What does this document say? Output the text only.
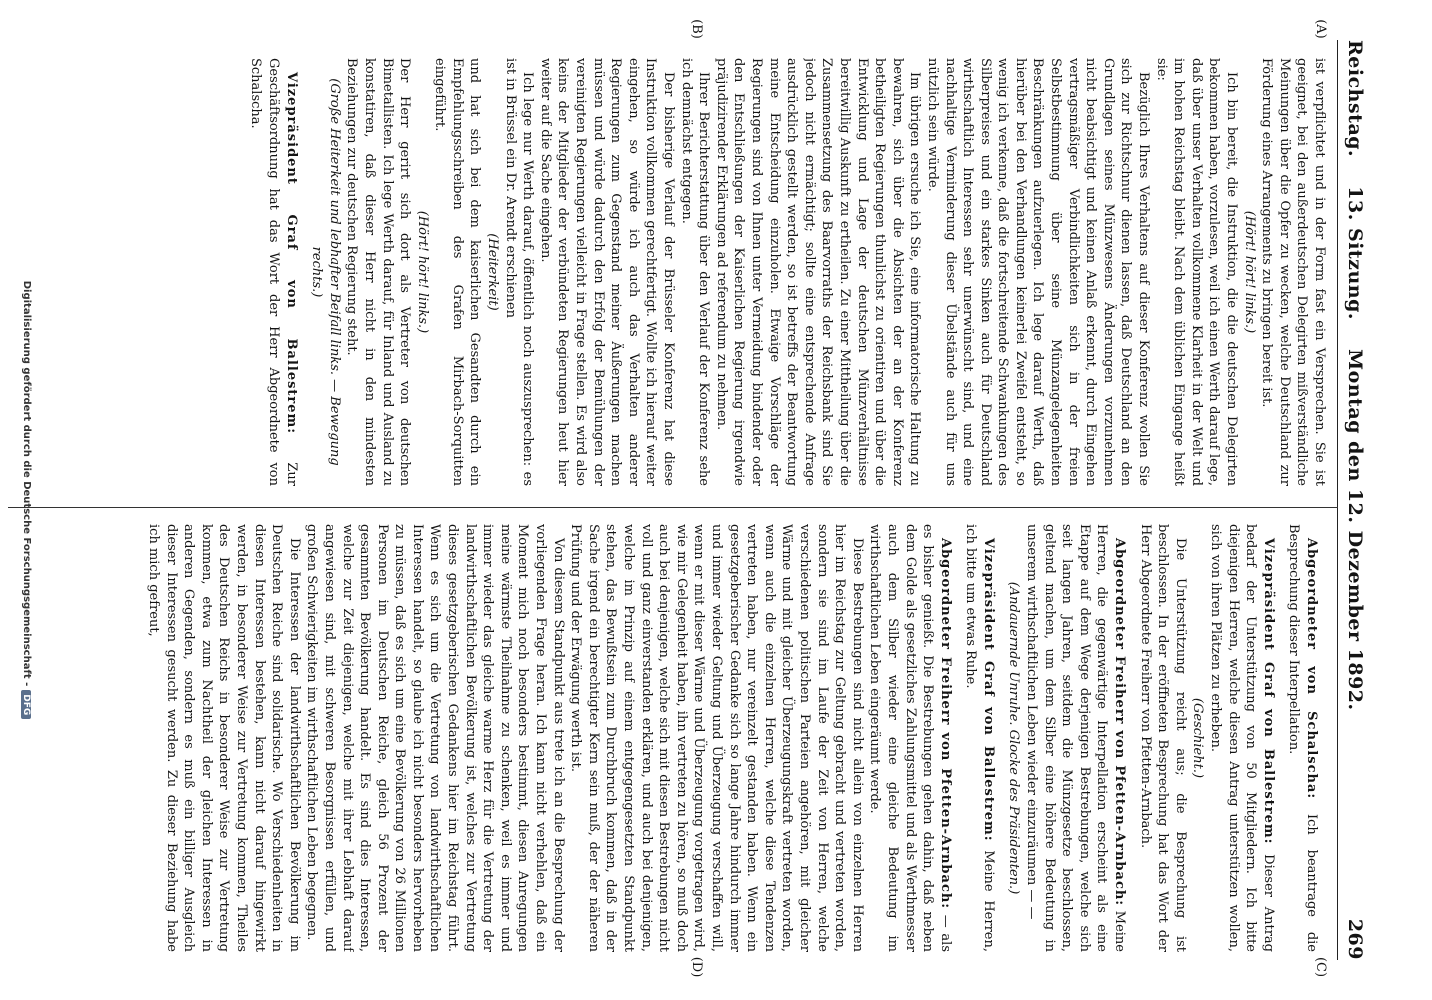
Reichstag. 13. Sitzung. Montag den 12. Dezember 1892.
269
(A)
(B)
(C)
(D)

ist verpflichtet und in der Form fast ein Versprechen. Sie ist geeignet, bei den außerdeutschen Delegirten mißverständliche Meinungen über die Opfer zu wecken, welche Deutschland zur Förderung eines Arrangements zu bringen bereit ist.

(Hört! hört! links.)

Ich bin bereit, die Instruktion, die die deutschen Delegirten bekommen haben, vorzulesen, weil ich einen Werth darauf lege, daß über unser Verhalten vollkommene Klarheit in der Welt und im hohen Reichstag bleibt. Nach dem üblichen Eingange heißt sie:

Bezüglich Ihres Verhaltens auf dieser Konferenz wollen Sie sich zur Richtschnur dienen lassen, daß Deutschland an den Grundlagen seines Münzwesens Änderungen vorzunehmen nicht beabsichtigt und keinen Anlaß erkennt, durch Eingehen vertragsmäßiger Verbindlichkeiten sich in der freien Selbstbestimmung über seine Münzangelegenheiten Beschränkungen aufzuerlegen. Ich lege darauf Werth, daß hierüber bei den Verhandlungen keinerlei Zweifel entsteht, so wenig ich verkenne, daß die fortschreitende Schwankungen des Silberpreises und ein starkes Sinken auch für Deutschland wirthschaftlich Interessen sehr unerwünscht sind, und eine nachhaltige Verminderung dieser Übelstände auch für uns nützlich sein würde.

Im übrigen ersuche ich Sie, eine informatorische Haltung zu bewahren, sich über die Absichten der an der Konferenz betheiligten Regierungen thunlichst zu orientiren und über die Entwicklung und Lage der deutschen Münzverhältnisse bereitwillig Auskunft zu ertheilen. Zu einer Mittheilung über die Zusammensetzung des Baarvorraths der Reichsbank sind Sie jedoch nicht ermächtigt; sollte eine entsprechende Anfrage ausdrücklich gestellt werden, so ist betreffs der Beantwortung meine Entscheidung einzuholen. Etwaige Vorschläge der Regierungen sind von Ihnen unter Vermeidung bindender oder den Entschließungen der Kaiserlichen Regierung irgendwie präjudizirender Erklärungen ad referendum zu nehmen.

Ihrer Berichterstattung über den Verlauf der Konferenz sehe ich demnächst entgegen.

Der bisherige Verlauf der Brüsseler Konferenz hat diese Instruktion vollkommen gerechtfertigt. Wollte ich hierauf weiter eingehen, so würde ich auch das Verhalten anderer Regierungen zum Gegenstand meiner Äußerungen machen müssen und würde dadurch den Erfolg der Bemühungen der vereinigten Regierungen vielleicht in Frage stellen. Es wird also keins der Mitglieder der verbündeten Regierungen heut hier weiter auf die Sache eingehen.

Ich lege nur Werth darauf, öffentlich noch auszusprechen: es ist in Brüssel ein Dr. Arendt erschienen

(Heiterkeit)

und hat sich bei dem kaiserlichen Gesandten durch ein Empfehlungsschreiben des Grafen Mirbach-Sorquitten eingeführt.

(Hört! hört! links.)

Der Herr gerirt sich dort als Vertreter von deutschen Bimetallisten. Ich lege Werth darauf, für Inland und Ausland zu konstatiren, daß dieser Herr nicht in den mindesten Beziehungen zur deutschen Regierung steht.

(Große Heiterkeit und lebhafter Beifall links. — Bewegung rechts.)

Vizepräsident Graf von Ballestrem: Zur Geschäftsordnung hat das Wort der Herr Abgeordnete von Schalscha.

Abgeordneter von Schalscha: Ich beantrage die Besprechung dieser Interpellation.

Vizepräsident Graf von Ballestrem: Dieser Antrag bedarf der Unterstützung von 50 Mitgliedern. Ich bitte diejenigen Herren, welche diesen Antrag unterstützen wollen, sich von ihren Plätzen zu erheben.

(Geschieht.)

Die Unterstützung reicht aus; die Besprechung ist beschlossen. In der eröffneten Besprechung hat das Wort der Herr Abgeordnete Freiherr von Pfetten-Arnbach.

Abgeordneter Freiherr von Pfetten-Arnbach: Meine Herren, die gegenwärtige Interpellation erscheint als eine Etappe auf dem Wege derjenigen Bestrebungen, welche sich seit langen Jahren, seitdem die Münzgesetze beschlossen, geltend machen, um dem Silber eine höhere Bedeutung in unserem wirthschaftlichen Leben wieder einzuräumen — —

(Andauernde Unruhe. Glocke des Präsidenten.)

Vizepräsident Graf von Ballestrem: Meine Herren, ich bitte um etwas Ruhe.

Abgeordneter Freiherr von Pfetten-Arnbach: — als es bisher genießt. Die Bestrebungen gehen dahin, daß neben dem Golde als gesetzliches Zahlungsmittel und als Werthmesser auch dem Silber wieder eine gleiche Bedeutung im wirthschaftlichen Leben eingeräumt werde.

Diese Bestrebungen sind nicht allein von einzelnen Herren hier im Reichstag zur Geltung gebracht und vertreten worden, sondern sie sind im Laufe der Zeit von Herren, welche verschiedenen politischen Parteien angehören, mit gleicher Wärme und mit gleicher Überzeugungskraft vertreten worden, wenn auch die einzelnen Herren, welche diese Tendenzen vertreten haben, nur vereinzelt gestanden haben. Wenn ein gesetzgeberischer Gedanke sich so lange Jahre hindurch immer und immer wieder Geltung und Überzeugung verschaffen will, wenn er mit dieser Wärme und Überzeugung vorgetragen wird, wie mir Gelegenheit haben, ihn vertreten zu hören, so muß doch auch bei denjenigen, welche sich mit diesen Bestrebungen nicht voll und ganz einverstanden erklären, und auch bei denjenigen, welche im Prinzip auf einem entgegengesetzten Standpunkt stehen, das Bewußtsein zum Durchbruch kommen, daß in der Sache irgend ein berechtigter Kern sein muß, der der näheren Prüfung und der Erwägung werth ist.

Von diesem Standpunkt aus trete ich an die Besprechung der vorliegenden Frage heran. Ich kann nicht verhehlen, daß ein Moment mich noch besonders bestimmt, diesen Anregungen meine wärmste Theilnahme zu schenken, weil es immer und immer wieder das gleiche warme Herz für die Vertretung der landwirthschaftlichen Bevölkerung ist, welches zur Vertretung dieses gesetzgeberischen Gedankens hier im Reichstag führt. Wenn es sich um die Vertretung von landwirthschaftlichen Interessen handelt, so glaube ich nicht besonders hervorheben zu müssen, daß es sich um eine Bevölkerung von 26 Millionen Personen im Deutschen Reiche, gleich 56 Prozent der gesammten Bevölkerung handelt. Es sind dies Interessen, welche zur Zeit diejenigen, welche mit ihrer Lebhaft darauf angewiesen sind, mit schweren Besorgnissen erfüllen, und großen Schwierigkeiten im wirthschaftlichen Leben begegnen.

Die Interessen der landwirthschaftlichen Bevölkerung im Deutschen Reiche sind solidarische. Wo Verschiedenheiten in diesen Interessen bestehen, kann nicht darauf hingewirkt werden, in besonderer Weise zur Vertretung kommen, Theiles des Deutschen Reichs in besonderer Weise zur Vertretung kommen, etwa zum Nachtheil der gleichen Interessen in anderen Gegenden, sondern es muß ein billiger Ausgleich dieser Interessen gesucht werden. Zu dieser Beziehung habe ich mich gefreut,

Digitalisierung gefördert durch die Deutsche Forschungsgemeinschaft -DFG
